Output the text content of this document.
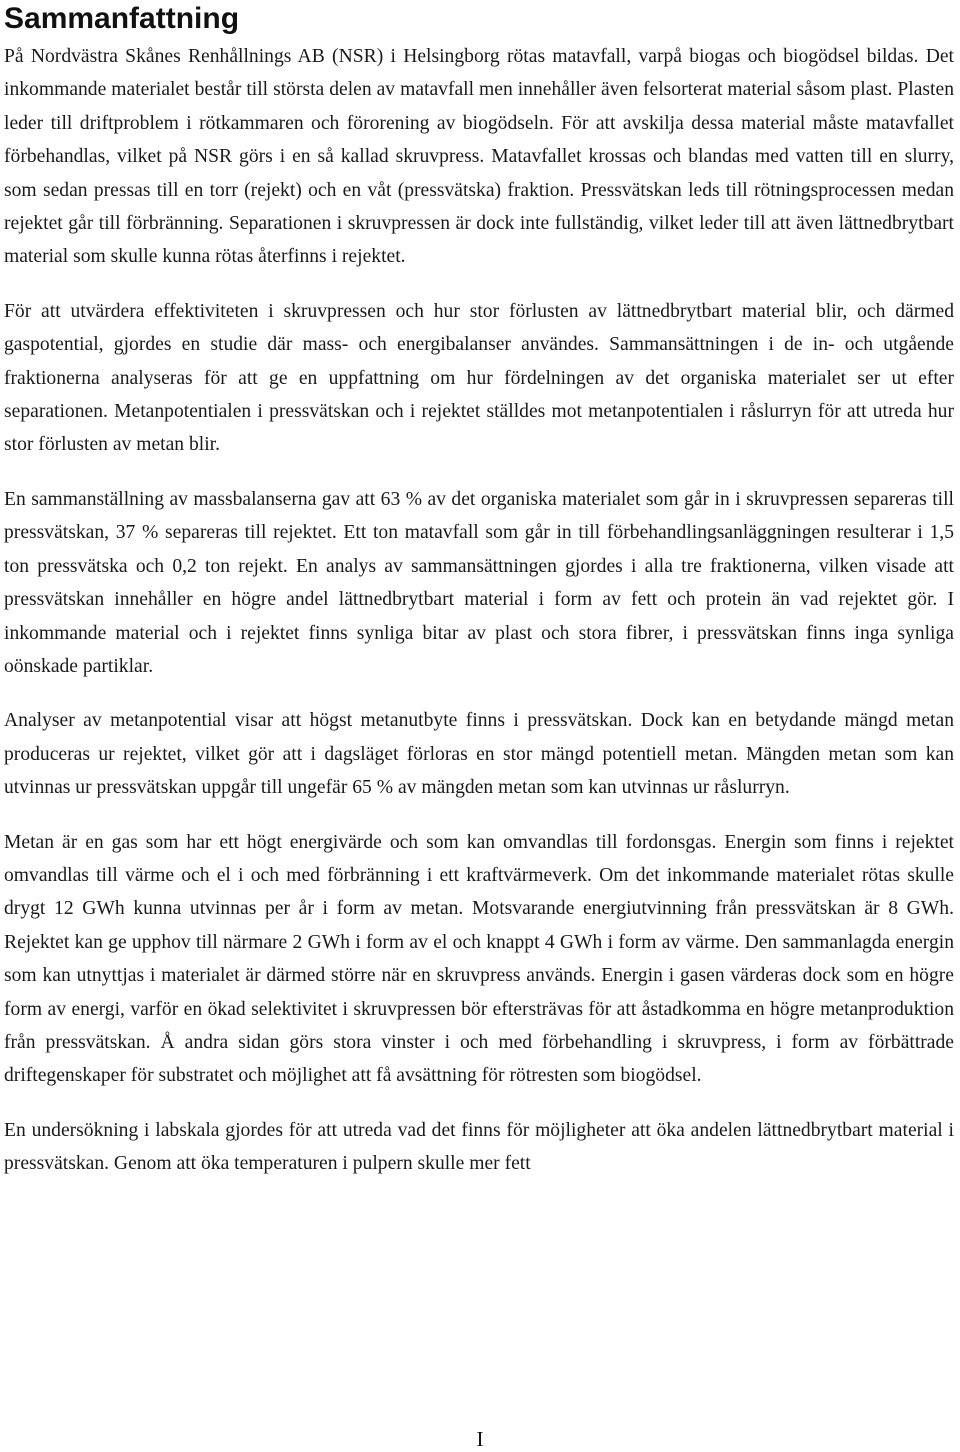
Sammanfattning

På Nordvästra Skånes Renhållnings AB (NSR) i Helsingborg rötas matavfall, varpå biogas och biogödsel bildas. Det inkommande materialet består till största delen av matavfall men innehåller även felsorterat material såsom plast. Plasten leder till driftproblem i rötkammaren och förorening av biogödseln. För att avskilja dessa material måste matavfallet förbehandlas, vilket på NSR görs i en så kallad skruvpress. Matavfallet krossas och blandas med vatten till en slurry, som sedan pressas till en torr (rejekt) och en våt (pressvätska) fraktion. Pressvätskan leds till rötningsprocessen medan rejektet går till förbränning. Separationen i skruvpressen är dock inte fullständig, vilket leder till att även lättnedbrytbart material som skulle kunna rötas återfinns i rejektet.

För att utvärdera effektiviteten i skruvpressen och hur stor förlusten av lättnedbrytbart material blir, och därmed gaspotential, gjordes en studie där mass- och energibalanser användes. Sammansättningen i de in- och utgående fraktionerna analyseras för att ge en uppfattning om hur fördelningen av det organiska materialet ser ut efter separationen. Metanpotentialen i pressvätskan och i rejektet ställdes mot metanpotentialen i råslurryn för att utreda hur stor förlusten av metan blir.

En sammanställning av massbalanserna gav att 63 % av det organiska materialet som går in i skruvpressen separeras till pressvätskan, 37 % separeras till rejektet. Ett ton matavfall som går in till förbehandlingsanläggningen resulterar i 1,5 ton pressvätska och 0,2 ton rejekt. En analys av sammansättningen gjordes i alla tre fraktionerna, vilken visade att pressvätskan innehåller en högre andel lättnedbrytbart material i form av fett och protein än vad rejektet gör. I inkommande material och i rejektet finns synliga bitar av plast och stora fibrer, i pressvätskan finns inga synliga oönskade partiklar.

Analyser av metanpotential visar att högst metanutbyte finns i pressvätskan. Dock kan en betydande mängd metan produceras ur rejektet, vilket gör att i dagsläget förloras en stor mängd potentiell metan. Mängden metan som kan utvinnas ur pressvätskan uppgår till ungefär 65 % av mängden metan som kan utvinnas ur råslurryn.

Metan är en gas som har ett högt energivärde och som kan omvandlas till fordonsgas. Energin som finns i rejektet omvandlas till värme och el i och med förbränning i ett kraftvärmeverk. Om det inkommande materialet rötas skulle drygt 12 GWh kunna utvinnas per år i form av metan. Motsvarande energiutvinning från pressvätskan är 8 GWh. Rejektet kan ge upphov till närmare 2 GWh i form av el och knappt 4 GWh i form av värme. Den sammanlagda energin som kan utnyttjas i materialet är därmed större när en skruvpress används. Energin i gasen värderas dock som en högre form av energi, varför en ökad selektivitet i skruvpressen bör eftersträvas för att åstadkomma en högre metanproduktion från pressvätskan. Å andra sidan görs stora vinster i och med förbehandling i skruvpress, i form av förbättrade driftegenskaper för substratet och möjlighet att få avsättning för rötresten som biogödsel.

En undersökning i labskala gjordes för att utreda vad det finns för möjligheter att öka andelen lättnedbrytbart material i pressvätskan. Genom att öka temperaturen i pulpern skulle mer fett

I
